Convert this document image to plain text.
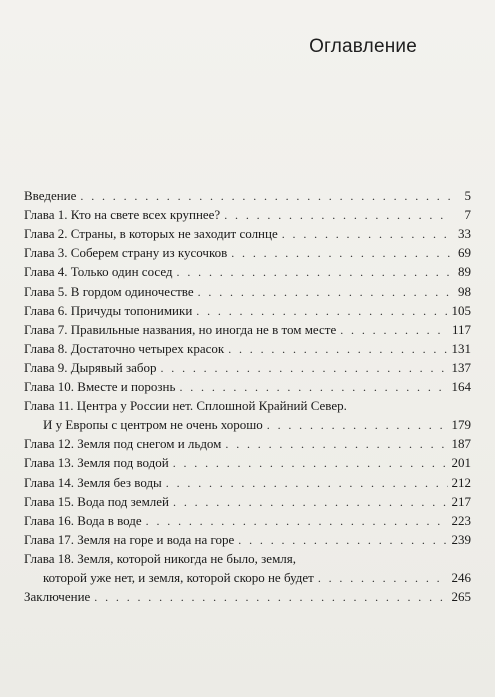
Оглавление
Введение . . .	5
Глава 1. Кто на свете всех крупнее? . . .	7
Глава 2. Страны, в которых не заходит солнце . . .	33
Глава 3. Соберем страну из кусочков . . .	69
Глава 4. Только один сосед . . .	89
Глава 5. В гордом одиночестве . . .	98
Глава 6. Причуды топонимики . . .	105
Глава 7. Правильные названия, но иногда не в том месте . . .	117
Глава 8. Достаточно четырех красок . . .	131
Глава 9. Дырявый забор . . .	137
Глава 10. Вместе и порознь . . .	164
Глава 11. Центра у России нет. Сплошной Крайний Север.
И у Европы с центром не очень хорошо . . .	179
Глава 12. Земля под снегом и льдом . . .	187
Глава 13. Земля под водой . . .	201
Глава 14. Земля без воды . . .	212
Глава 15. Вода под землей . . .	217
Глава 16. Вода в воде . . .	223
Глава 17. Земля на горе и вода на горе . . .	239
Глава 18. Земля, которой никогда не было, земля,
которой уже нет, и земля, которой скоро не будет . . .	246
Заключение . . .	265
